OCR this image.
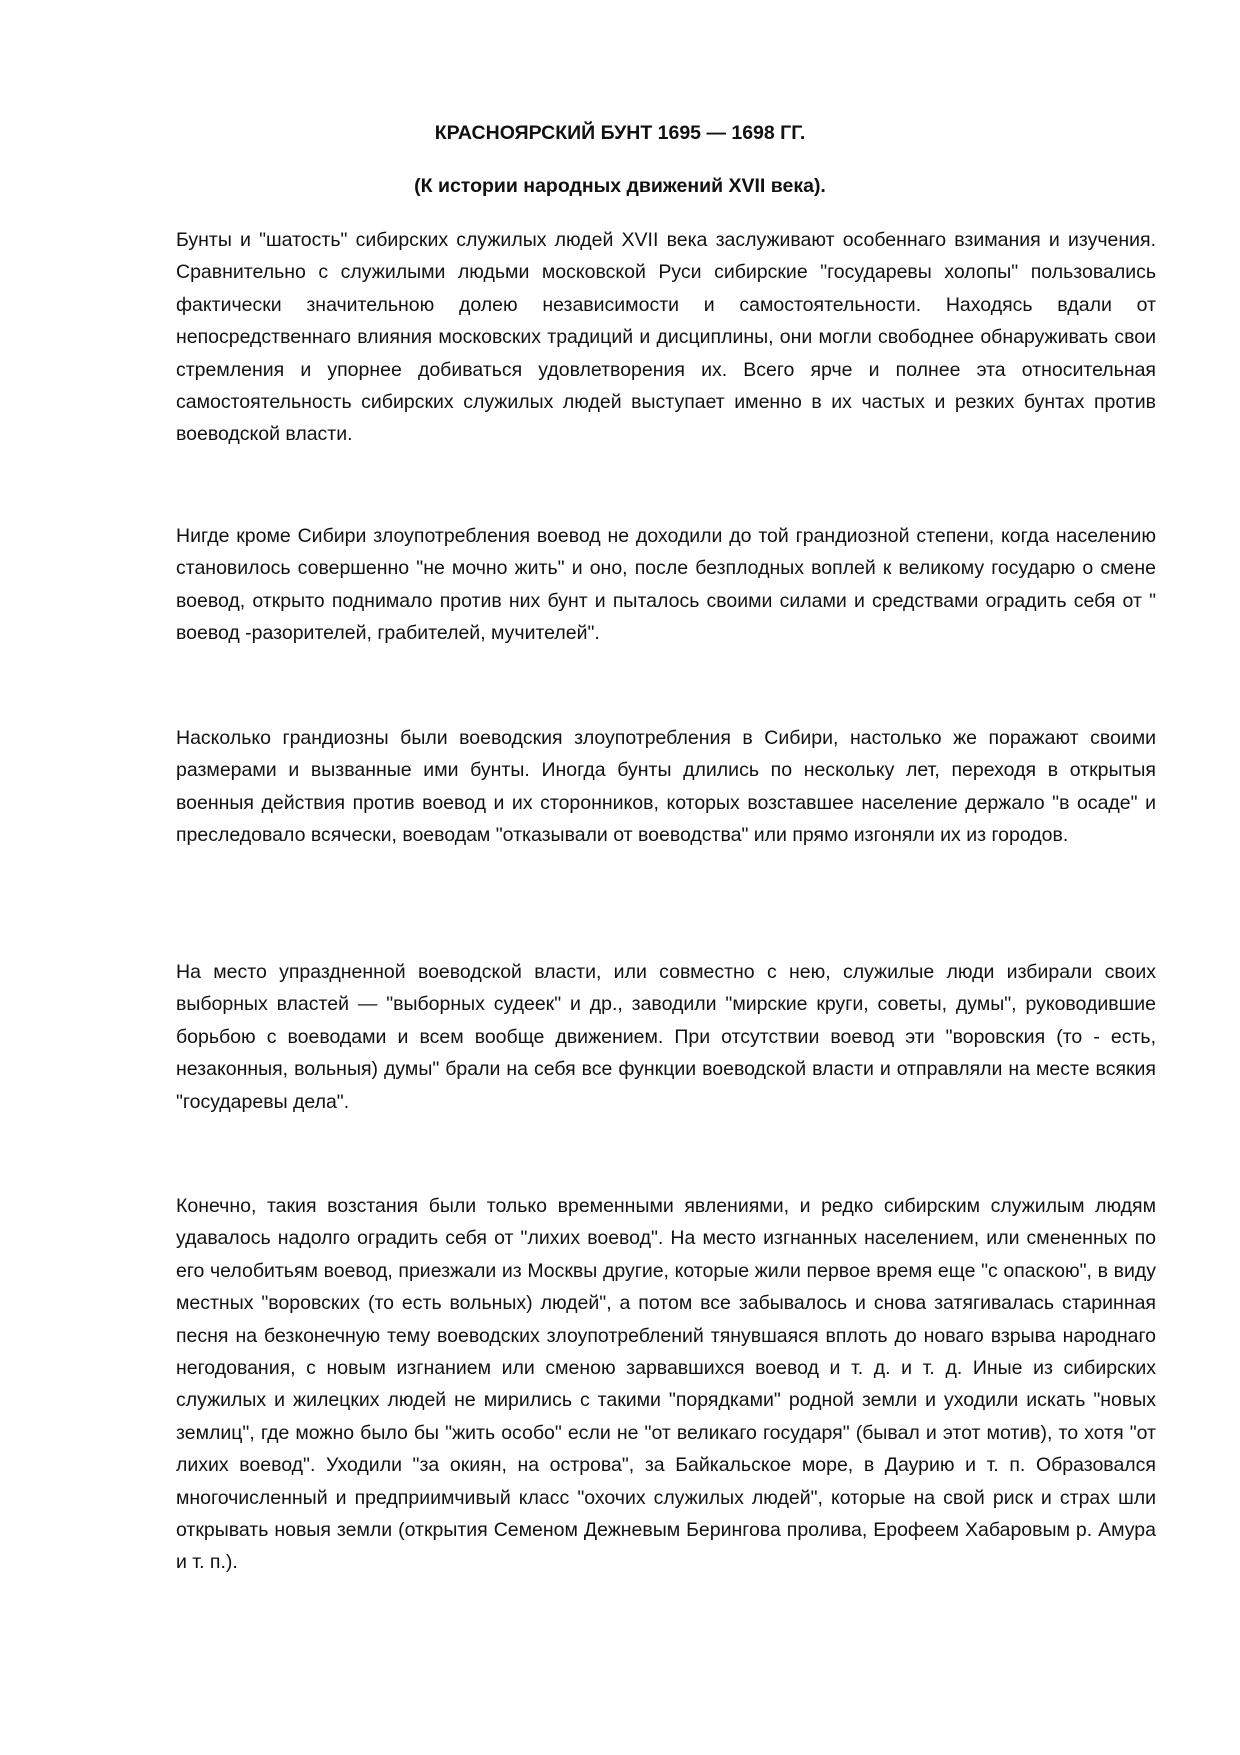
КРАСНОЯРСКИЙ БУНТ 1695 — 1698 ГГ.
(К истории народных движений XVII века).

Бунты и "шатость" сибирских служилых людей XVII века заслуживают особеннаго взимания и изучения. Сравнительно с служилыми людьми московской Руси сибирские "государевы холопы" пользовались фактически значительною долею независимости и самостоятельности. Находясь вдали от непосредственнаго влияния московских традиций и дисциплины, они могли свободнее обнаруживать свои стремления и упорнее добиваться удовлетворения их. Всего ярче и полнее эта относительная самостоятельность сибирских служилых людей выступает именно в их частых и резких бунтах против воеводской власти.

Нигде кроме Сибири злоупотребления воевод не доходили до той грандиозной степени, когда населению становилось совершенно "не мочно жить" и оно, после безплодных воплей к великому государю о смене воевод, открыто поднимало против них бунт и пыталось своими силами и средствами оградить себя от " воевод -разорителей, грабителей, мучителей".

Насколько грандиозны были воеводския злоупотребления в Сибири, настолько же поражают своими размерами и вызванные ими бунты. Иногда бунты длились по нескольку лет, переходя в открытыя военныя действия против воевод и их сторонников, которых возставшее население держало "в осаде" и преследовало всячески, воеводам "отказывали от воеводства" или прямо изгоняли их из городов.

На место упраздненной воеводской власти, или совместно с нею, служилые люди избирали своих выборных властей — "выборных судеек" и др., заводили "мирские круги, советы, думы", руководившие борьбою с воеводами и всем вообще движением. При отсутствии воевод эти "воровския (то - есть, незаконныя, вольныя) думы" брали на себя все функции воеводской власти и отправляли на месте всякия "государевы дела".

Конечно, такия возстания были только временными явлениями, и редко сибирским служилым людям удавалось надолго оградить себя от "лихих воевод". На место изгнанных населением, или смененных по его челобитьям воевод, приезжали из Москвы другие, которые жили первое время еще "с опаскою", в виду местных "воровских (то есть вольных) людей", а потом все забывалось и снова затягивалась старинная песня на безконечную тему воеводских злоупотреблений тянувшаяся вплоть до новаго взрыва народнаго негодования, с новым изгнанием или сменою зарвавшихся воевод и т. д. и т. д. Иные из сибирских служилых и жилецких людей не мирились с такими "порядками" родной земли и уходили искать "новых землиц", где можно было бы "жить особо" если не "от великаго государя" (бывал и этот мотив), то хотя "от лихих воевод". Уходили "за окиян, на острова", за Байкальское море, в Даурию и т. п. Образовался многочисленный и предприимчивый класс "охочих служилых людей", которые на свой риск и страх шли открывать новыя земли (открытия Семеном Дежневым Берингова пролива, Ерофеем Хабаровым р. Амура и т. п.).
